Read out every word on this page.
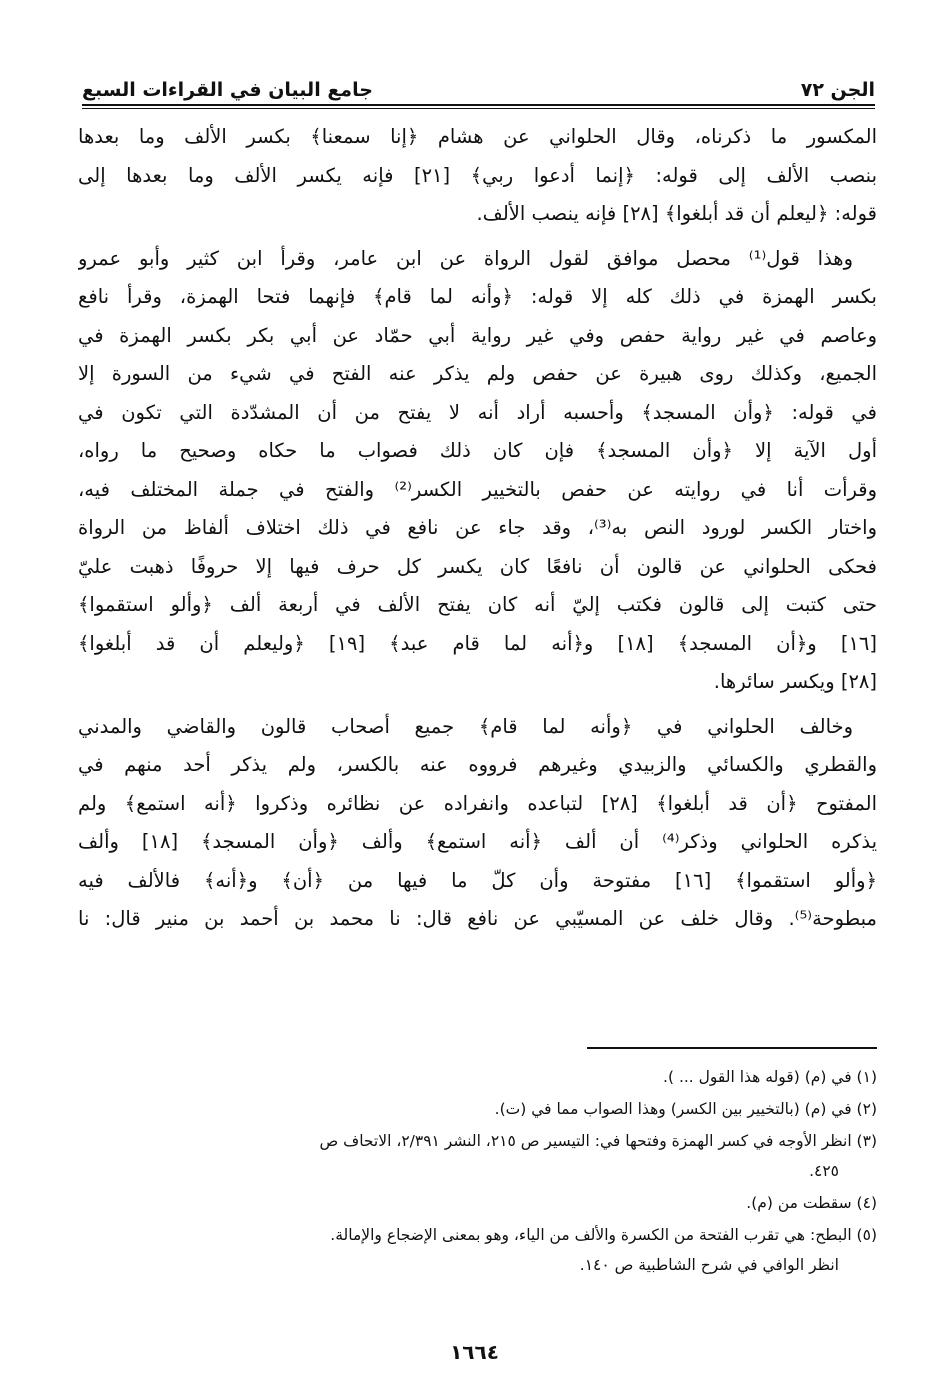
الجن ٧٢
جامع البيان في القراءات السبع
المكسور ما ذكرناه، وقال الحلواني عن هشام ﴿إنا سمعنا﴾ بكسر الألف وما بعدها
بنصب الألف إلى قوله: ﴿إنما أدعوا ربي﴾ [٢١] فإنه يكسر الألف وما بعدها إلى
قوله: ﴿ليعلم أن قد أبلغوا﴾ [٢٨] فإنه ينصب الألف.
وهذا قول⁽¹⁾ محصل موافق لقول الرواة عن ابن عامر، وقرأ ابن كثير وأبو عمرو
بكسر الهمزة في ذلك كله إلا قوله: ﴿وأنه لما قام﴾ فإنهما فتحا الهمزة، وقرأ نافع
وعاصم في غير رواية حفص وفي غير رواية أبي حمّاد عن أبي بكر بكسر الهمزة في
الجميع، وكذلك روى هبيرة عن حفص ولم يذكر عنه الفتح في شيء من السورة إلا
في قوله: ﴿وأن المسجد﴾ وأحسبه أراد أنه لا يفتح من أن المشدّدة التي تكون في
أول الآية إلا ﴿وأن المسجد﴾ فإن كان ذلك فصواب ما حكاه وصحيح ما رواه،
وقرأت أنا في روايته عن حفص بالتخيير الكسر⁽²⁾ والفتح في جملة المختلف فيه،
واختار الكسر لورود النص به⁽³⁾، وقد جاء عن نافع في ذلك اختلاف ألفاظ من الرواة
فحكى الحلواني عن قالون أن نافعًا كان يكسر كل حرف فيها إلا حروفًا ذهبت عليّ
حتى كتبت إلى قالون فكتب إليّ أنه كان يفتح الألف في أربعة ألف ﴿وألو استقموا﴾
[١٦] و﴿أن المسجد﴾ [١٨] و﴿أنه لما قام عبد﴾ [١٩] ﴿وليعلم أن قد أبلغوا﴾
[٢٨] ويكسر سائرها.
وخالف الحلواني في ﴿وأنه لما قام﴾ جميع أصحاب قالون والقاضي والمدني
والقطري والكسائي والزبيدي وغيرهم فرووه عنه بالكسر، ولم يذكر أحد منهم في
المفتوح ﴿أن قد أبلغوا﴾ [٢٨] لتباعده وانفراده عن نظائره وذكروا ﴿أنه استمع﴾ ولم
يذكره الحلواني وذكر⁽⁴⁾ أن ألف ﴿أنه استمع﴾ وألف ﴿وأن المسجد﴾ [١٨] وألف
﴿وألو استقموا﴾ [١٦] مفتوحة وأن كلّ ما فيها من ﴿أن﴾ و﴿أنه﴾ فالألف فيه
مبطوحة⁽⁵⁾. وقال خلف عن المسيّبي عن نافع قال: نا محمد بن أحمد بن منير قال: نا
(١) في (م) (قوله هذا القول ... ).
(٢) في (م) (بالتخيير بين الكسر) وهذا الصواب مما في (ت).
(٣) انظر الأوجه في كسر الهمزة وفتحها في: التيسير ص ٢١٥، النشر ٢/٣٩١، الاتحاف ص
٤٢٥.
(٤) سقطت من (م).
(٥) البطح: هي تقرب الفتحة من الكسرة والألف من الياء، وهو بمعنى الإضجاع والإمالة.
انظر الوافي في شرح الشاطبية ص ١٤٠.
١٦٦٤
